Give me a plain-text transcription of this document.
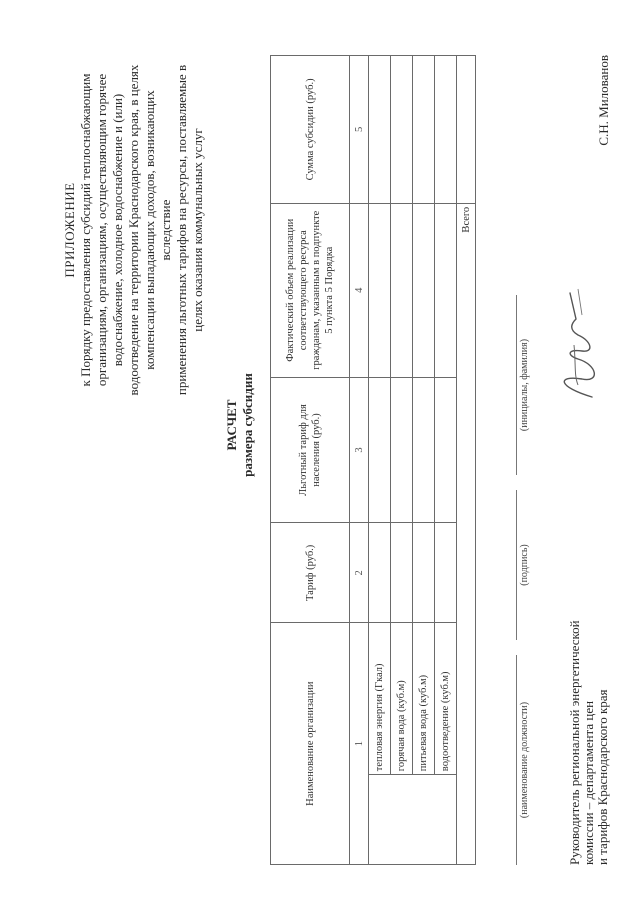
ПРИЛОЖЕНИЕ к Порядку предоставления субсидий теплоснабжающим организациям, организациям, осуществляющим горячее водоснабжение, холодное водоснабжение и (или) водоотведение на территории Краснодарского края, в целях компенсации выпадающих доходов, возникающих вследствие применения льготных тарифов на ресурсы, поставляемые в целях оказания коммунальных услуг
РАСЧЕТ размера субсидии
Наименование организации		Тариф (руб.)	Льготный тариф для населения (руб.)	Фактический объем реализации соответствующего ресурса гражданам, указанным в подпункте 5 пункта 5 Порядка	Сумма субсидии (руб.)
1		2	3	4	5
	тепловая энергия (Гкал)				
	горячая вода (куб.м)				
	питьевая вода (куб.м)				
	водоотведение (куб.м)				
Всего					
(наименование должности)
(подпись)
(инициалы, фамилия)
Руководитель региональной энергетической комиссии – департамента цен и тарифов Краснодарского края
С.Н. Милованов
